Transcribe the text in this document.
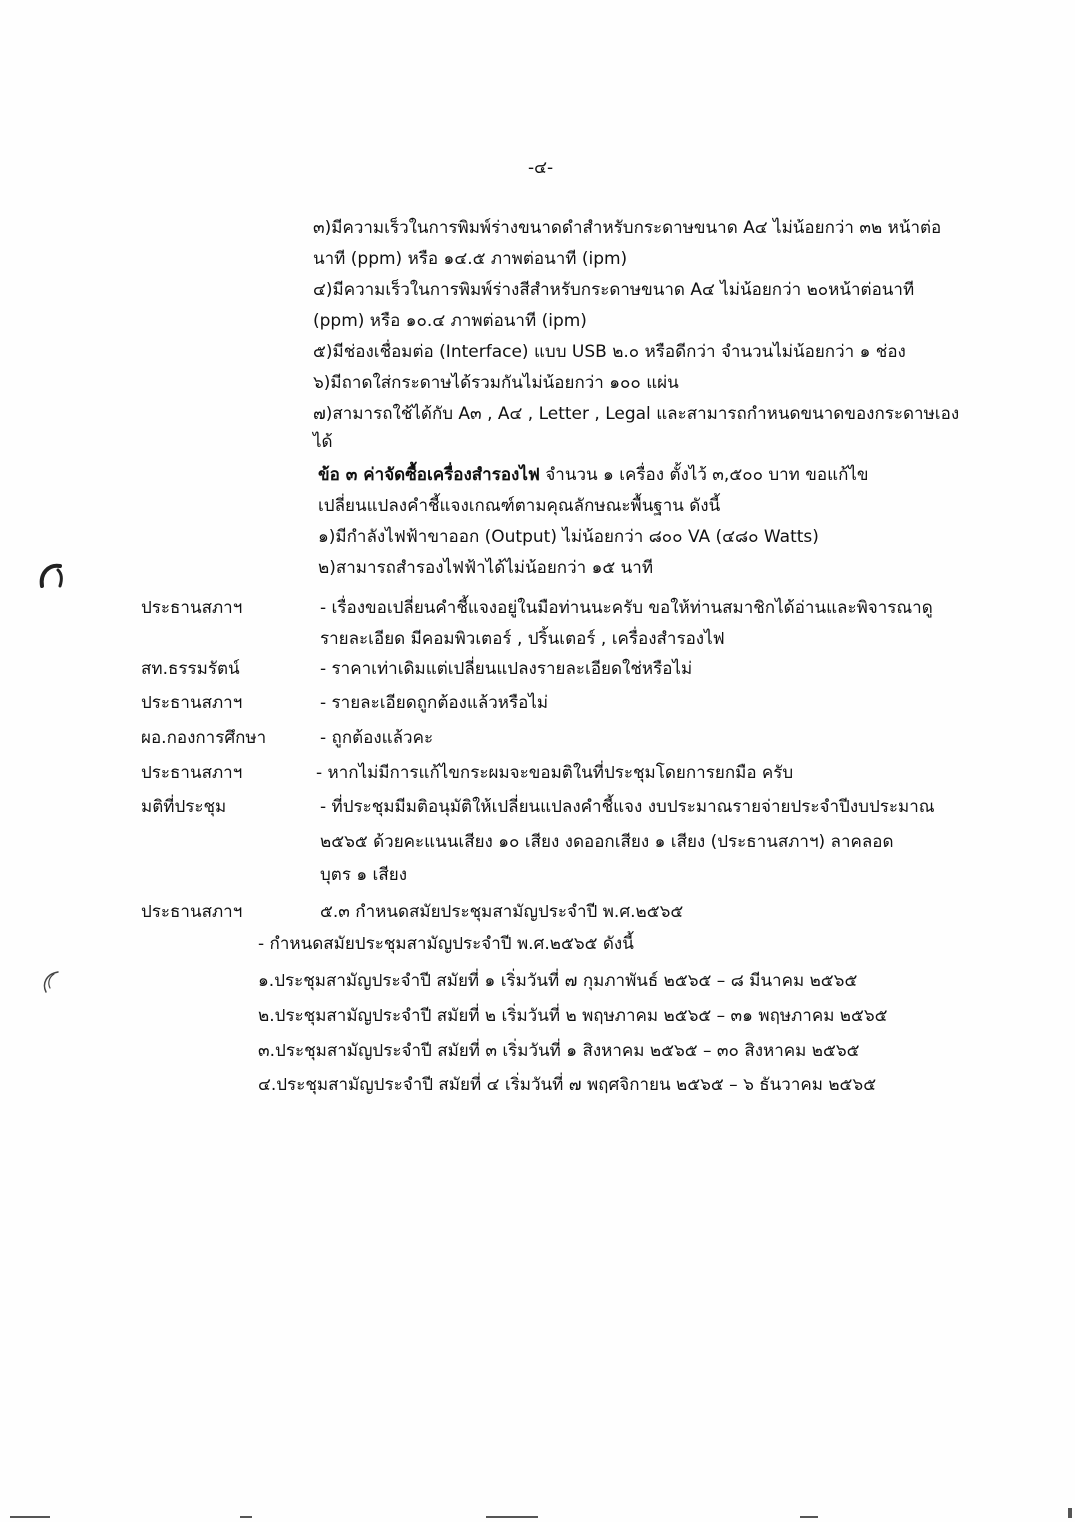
-๔-
๓)มีความเร็วในการพิมพ์ร่างขนาดดำสำหรับกระดาษขนาด A๔ ไม่น้อยกว่า ๓๒ หน้าต่อ
นาที (ppm) หรือ ๑๔.๕ ภาพต่อนาที (ipm)
๔)มีความเร็วในการพิมพ์ร่างสีสำหรับกระดาษขนาด A๔ ไม่น้อยกว่า ๒๐หน้าต่อนาที
(ppm) หรือ ๑๐.๔ ภาพต่อนาที (ipm)
๕)มีช่องเชื่อมต่อ (Interface) แบบ USB ๒.๐ หรือดีกว่า จำนวนไม่น้อยกว่า ๑ ช่อง
๖)มีถาดใส่กระดาษได้รวมกันไม่น้อยกว่า ๑๐๐ แผ่น
๗)สามารถใช้ได้กับ A๓ , A๔ , Letter , Legal และสามารถกำหนดขนาดของกระดาษเอง
ได้
ข้อ ๓ ค่าจัดซื้อเครื่องสำรองไฟ จำนวน ๑ เครื่อง ตั้งไว้ ๓,๕๐๐ บาท ขอแก้ไข
เปลี่ยนแปลงคำชี้แจงเกณฑ์ตามคุณลักษณะพื้นฐาน ดังนี้
๑)มีกำลังไฟฟ้าขาออก (Output) ไม่น้อยกว่า ๘๐๐ VA (๔๘๐ Watts)
๒)สามารถสำรองไฟฟ้าได้ไม่น้อยกว่า ๑๕ นาที
ประธานสภาฯ	- เรื่องขอเปลี่ยนคำชี้แจงอยู่ในมือท่านนะครับ ขอให้ท่านสมาชิกได้อ่านและพิจารณาดู
รายละเอียด มีคอมพิวเตอร์ , ปริ้นเตอร์ , เครื่องสำรองไฟ
สท.ธรรมรัตน์	- ราคาเท่าเดิมแต่เปลี่ยนแปลงรายละเอียดใช่หรือไม่
ประธานสภาฯ	- รายละเอียดถูกต้องแล้วหรือไม่
ผอ.กองการศึกษา	- ถูกต้องแล้วคะ
ประธานสภาฯ	- หากไม่มีการแก้ไขกระผมจะขอมติในที่ประชุมโดยการยกมือ ครับ
มติที่ประชุม	- ที่ประชุมมีมติอนุมัติให้เปลี่ยนแปลงคำชี้แจง งบประมาณรายจ่ายประจำปีงบประมาณ
๒๕๖๕ ด้วยคะแนนเสียง ๑๐ เสียง งดออกเสียง ๑ เสียง (ประธานสภาฯ) ลาคลอด
บุตร ๑ เสียง
ประธานสภาฯ	๕.๓ กำหนดสมัยประชุมสามัญประจำปี พ.ศ.๒๕๖๕
- กำหนดสมัยประชุมสามัญประจำปี พ.ศ.๒๕๖๕ ดังนี้
๑.ประชุมสามัญประจำปี สมัยที่ ๑ เริ่มวันที่ ๗ กุมภาพันธ์ ๒๕๖๕ – ๘ มีนาคม ๒๕๖๕
๒.ประชุมสามัญประจำปี สมัยที่ ๒ เริ่มวันที่ ๒ พฤษภาคม ๒๕๖๕ – ๓๑ พฤษภาคม ๒๕๖๕
๓.ประชุมสามัญประจำปี สมัยที่ ๓ เริ่มวันที่ ๑ สิงหาคม ๒๕๖๕ – ๓๐ สิงหาคม ๒๕๖๕
๔.ประชุมสามัญประจำปี สมัยที่ ๔ เริ่มวันที่ ๗ พฤศจิกายน ๒๕๖๕ – ๖ ธันวาคม ๒๕๖๕
